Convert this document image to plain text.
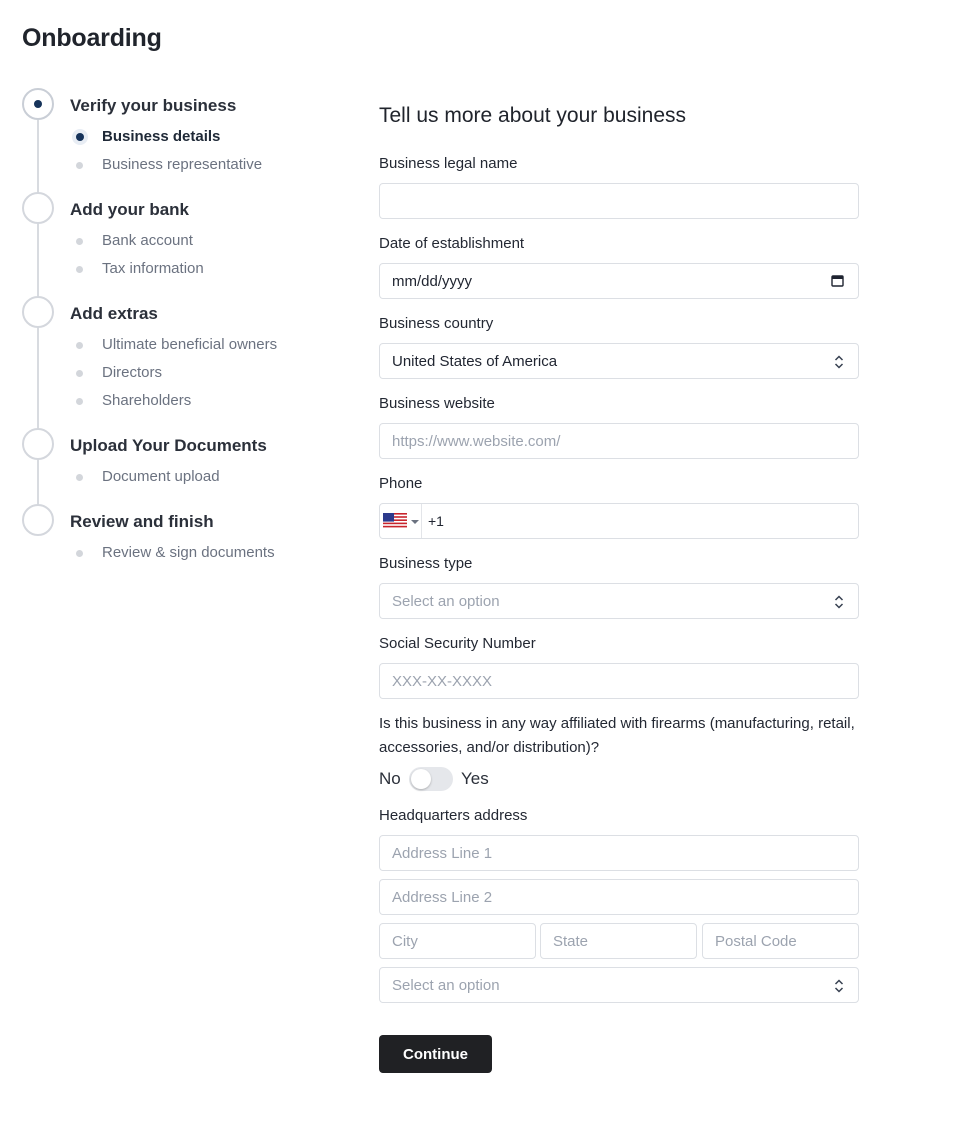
Onboarding
Verify your business
Business details
Business representative
Add your bank
Bank account
Tax information
Add extras
Ultimate beneficial owners
Directors
Shareholders
Upload Your Documents
Document upload
Review and finish
Review & sign documents
Tell us more about your business
Business legal name
Date of establishment
mm/dd/yyyy
Business country
United States of America
Business website
https://www.website.com/
Phone
+1
Business type
Select an option
Social Security Number
XXX-XX-XXXX
Is this business in any way affiliated with firearms (manufacturing, retail, accessories, and/or distribution)?
No	Yes
Headquarters address
Address Line 1
Address Line 2
City	State	Postal Code
Select an option
Continue
